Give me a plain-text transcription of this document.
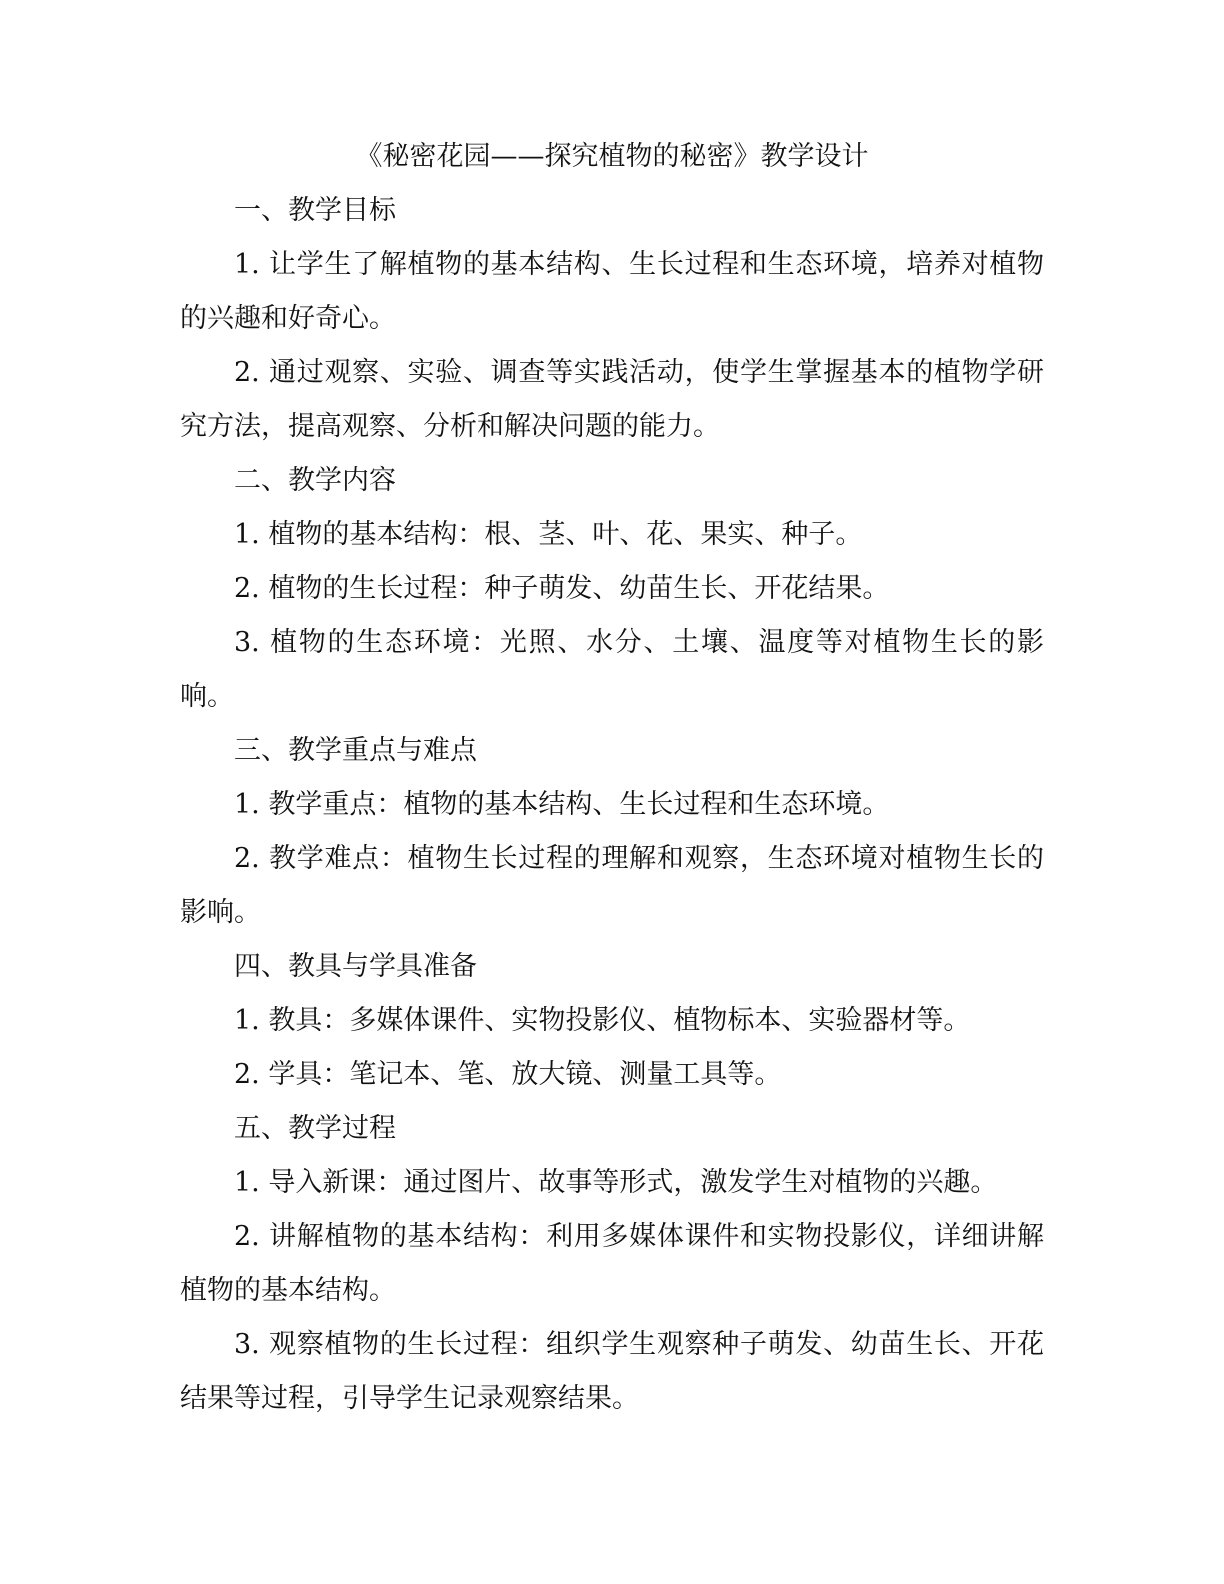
《秘密花园——探究植物的秘密》教学设计

一、教学目标

1. 让学生了解植物的基本结构、生长过程和生态环境，培养对植物的兴趣和好奇心。

2. 通过观察、实验、调查等实践活动，使学生掌握基本的植物学研究方法，提高观察、分析和解决问题的能力。

二、教学内容

1. 植物的基本结构：根、茎、叶、花、果实、种子。

2. 植物的生长过程：种子萌发、幼苗生长、开花结果。

3. 植物的生态环境：光照、水分、土壤、温度等对植物生长的影响。

三、教学重点与难点

1. 教学重点：植物的基本结构、生长过程和生态环境。

2. 教学难点：植物生长过程的理解和观察，生态环境对植物生长的影响。

四、教具与学具准备

1. 教具：多媒体课件、实物投影仪、植物标本、实验器材等。

2. 学具：笔记本、笔、放大镜、测量工具等。

五、教学过程

1. 导入新课：通过图片、故事等形式，激发学生对植物的兴趣。

2. 讲解植物的基本结构：利用多媒体课件和实物投影仪，详细讲解植物的基本结构。

3. 观察植物的生长过程：组织学生观察种子萌发、幼苗生长、开花结果等过程，引导学生记录观察结果。
